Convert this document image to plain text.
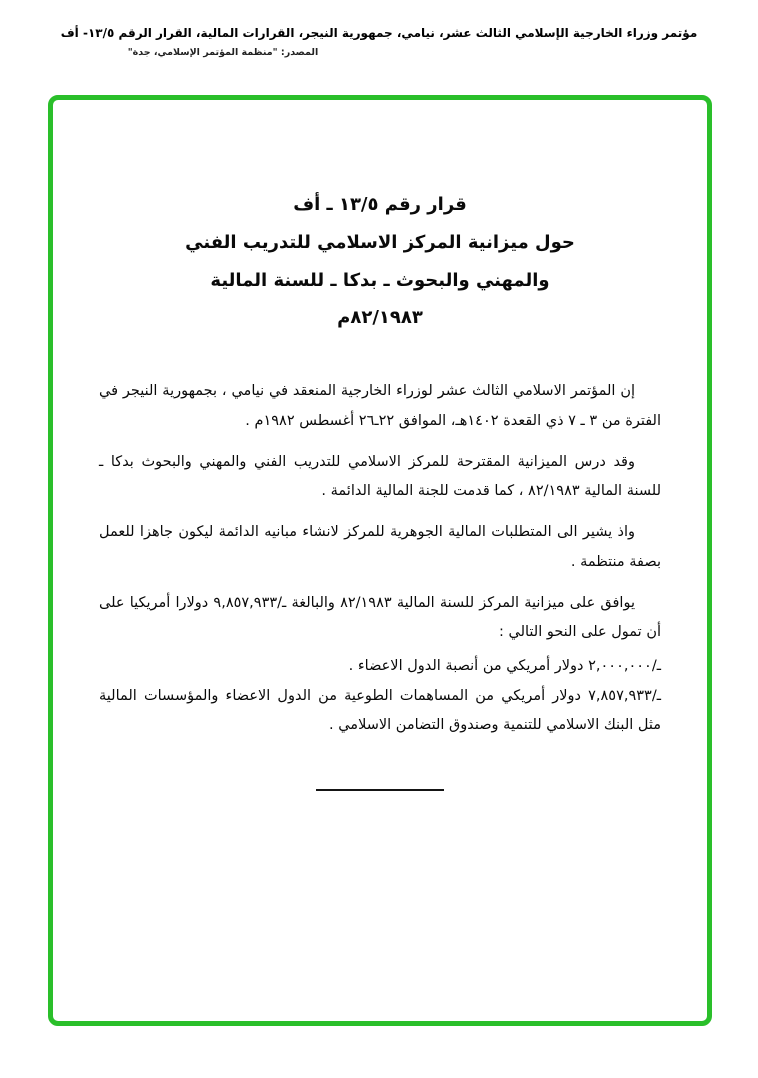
مؤتمر وزراء الخارجية الإسلامي الثالث عشر، نيامي، جمهورية النيجر، القرارات المالية، القرار الرقم ١٣/٥- أف
المصدر: "منظمة المؤتمر الإسلامي، جدة"
قرار رقم ١٣/٥ ـ أف
حول ميزانية المركز الاسلامي للتدريب الفني
والمهني والبحوث ـ بدكا ـ للسنة المالية
٨٢/١٩٨٣م

إن المؤتمر الاسلامي الثالث عشر لوزراء الخارجية المنعقد في نيامي ، بجمهورية النيجر في الفترة من ٣ ـ ٧ ذي القعدة ١٤٠٢هـ، الموافق ٢٢ـ٢٦ أغسطس ١٩٨٢م .

وقد درس الميزانية المقترحة للمركز الاسلامي للتدريب الفني والمهني والبحوث بدكا ـ للسنة المالية ٨٢/١٩٨٣ ، كما قدمت للجنة المالية الدائمة .

واذ يشير الى المتطلبات المالية الجوهرية للمركز لانشاء مبانيه الدائمة ليكون جاهزا للعمل بصفة منتظمة .

يوافق على ميزانية المركز للسنة المالية ٨٢/١٩٨٣ والبالغة ـ/٩,٨٥٧,٩٣٣ دولارا أمريكيا على أن تمول على النحو التالي :

ـ/٢,٠٠٠,٠٠٠ دولار أمريكي من أنصبة الدول الاعضاء .
ـ/٧,٨٥٧,٩٣٣ دولار أمريكي من المساهمات الطوعية من الدول الاعضاء والمؤسسات المالية مثل البنك الاسلامي للتنمية وصندوق التضامن الاسلامي .
